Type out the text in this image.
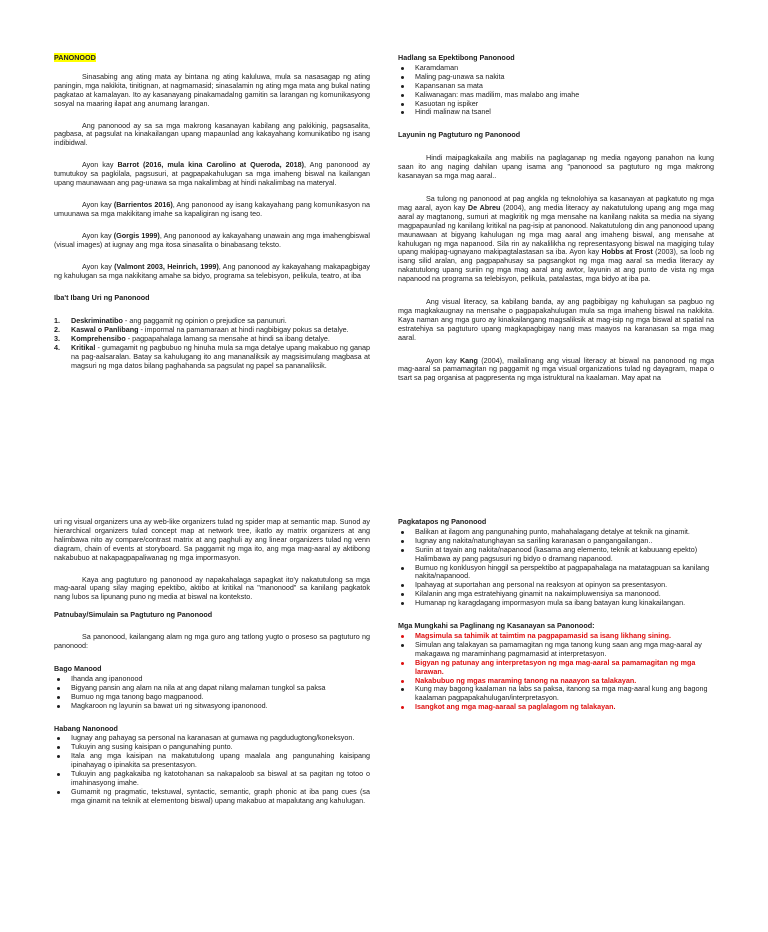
PANONOOD

Sinasabing ang ating mata ay bintana ng ating kaluluwa, mula sa nasasagap ng ating paningin, mga nakikita, tinitignan, at nagmamasid; sinasalamin ng ating mga mata ang bukal nating pagkatao at kamalayan. Ito ay kasanayang pinakamadalng gamitin sa larangan ng komunikasyong sosyal na maaring ilapat ang anumang larangan.

Ang panonood ay sa sa mga makrong kasanayan kabilang ang pakikinig, pagsasalita, pagbasa, at pagsulat na kinakailangan upang mapaunlad ang kakayahang komunikatibo ng isang indibidwal.

Ayon kay Barrot (2016, mula kina Carolino at Queroda, 2018), Ang panonood ay tumutukoy sa pagkilala, pagsusuri, at pagpapakahulugan sa mga imaheng biswal na kailangan upang maunawaan ang pag-unawa sa mga nakalimbag at hindi nakalimbag na materyal.

Ayon kay (Barrientos 2016), Ang panonood ay isang kakayahang pang komunikasyon na umuunawa sa mga makikitang imahe sa kapaligiran ng isang teo.

Ayon kay (Gorgis 1999), Ang panonood ay kakayahang unawain ang mga imahengbiswal (visual images) at iugnay ang mga itosa sinasalita o binabasang teksto.

Ayon kay (Valmont 2003, Heinrich, 1999), Ang panonood ay kakayahang makapagbigay ng kahulugan sa mga nakikitang amahe sa bidyo, programa sa telebisyon, pelikula, teatro, at iba

Iba't Ibang Uri ng Panonood
1. Deskriminatibo - ang paggamit ng opinion o prejudice sa panunuri.
2. Kaswal o Panlibang - impormal na pamamaraan at hindi nagbibigay pokus sa detalye.
3. Komprehensibo - pagpapahalaga lamang sa mensahe at hindi sa ibang detalye.
4. Kritikal - gumagamit ng pagbubuo ng hinuha mula sa mga detalye upang makabuo ng ganap na pag-aalsaralan. Batay sa kahulugang ito ang mananaliksik ay magsisimulang magbasa at magsuri ng mga datos bilang paghahanda sa pagsulat ng papel sa pananaliksik.
Hadlang sa Epektibong Panonood
Karamdaman
Maling pag-unawa sa nakita
Kapansanan sa mata
Kaliwanagan: mas madilim, mas malabo ang imahe
Kasuotan ng ispiker
Hindi malinaw na tsanel
Layunin ng Pagtuturo ng Panonood

Hindi maipagkakaila ang mabilis na paglaganap ng media ngayong panahon na kung saan ito ang naging dahilan upang isama ang "panonood sa pagtuturo ng mga makrong kasanayan sa mga mag aaral..

Sa tulong ng panonood at pag angkla ng teknolohiya sa kasanayan at pagkatuto ng mga mag aaral, ayon kay De Abreu (2004), ang media literacy ay nakatutulong upang ang mga mag aaral ay magtanong, sumuri at magkritik ng mga mensahe na kanilang nakita sa media na siyang magpapaunlad ng kanilang kritikal na pag-isip at panonood. Nakatutulong din ang panonood upang maunawaan at bigyang kahulugan ng mga mag aaral ang imaheng biswal, ang mensahe at kahulugan ng mga napanood. Sila rin ay nakalilikha ng representasyong biswal na magiging tulay upang makipag-ugnayano makipagtalastasan sa iba. Ayon kay Hobbs at Frost (2003), sa loob ng isang silid aralan, ang pagpapahusay sa pagsangkot ng mga mag aaral sa media literacy ay nakatutulong upang suriin ng mga mag aaral ang awtor, layunin at ang punto de vista ng mga napanood na programa sa telebisyon, pelikula, patalastas, mga bidyo at iba pa.

Ang visual literacy, sa kabilang banda, ay ang pagbibigay ng kahulugan sa pagbuo ng mga magkakaugnay na mensahe o pagpapakahulugan mula sa mga imaheng biswal na nakikita. Kaya naman ang mga guro ay kinakailangang magsaliksik at mag-isip ng mga biswal at spatial na estratehiya sa pagtuturo upang magkapagbigay nang mas maayos na karanasan sa mga mag aaral.

Ayon kay Kang (2004), mailalinang ang visual literacy at biswal na panonood ng mga mag-aaral sa pamamagitan ng paggamit ng mga visual organizations tulad ng dayagram, mapa o tsart sa pag organisa at pagpresenta ng mga istruktural na kaalaman. May apat na

uri ng visual organizers una ay web-like organizers tulad ng spider map at semantic map. Sunod ay hierarchical organizers tulad concept map at network tree, ikatlo ay matrix organizers at ang halimbawa nito ay compare/contrast matrix at ang paghuli ay ang linear organizers tulad ng venn diagram, chain of events at storyboard. Sa paggamit ng mga ito, ang mga mag-aaral ay aktibong nakabubuo at nakapagpapaliwanag ng mga impormasyon.

Kaya ang pagtuturo ng panonood ay napakahalaga sapagkat ito'y nakatutulong sa mga mag-aaral upang silay maging epektibo, aktibo at kritikal na "manonood" sa kanilang pagkatok nang lubos sa lipunang puno ng media at biswal na konteksto.

Patnubay/Simulain sa Pagtuturo ng Panonood

Sa panonood, kailangang alam ng mga guro ang tatlong yugto o proseso sa pagtuturo ng panonood:

Bago Manood
Ihanda ang ipanonood
Bigyang pansin ang alam na nila at ang dapat nilang malaman tungkol sa paksa
Bumuo ng mga tanong bago magpanood.
Magkaroon ng layunin sa bawat uri ng sitwasyong ipanonood.
Habang Nanonood
Iugnay ang pahayag sa personal na karanasan at gumawa ng pagdudugtong/koneksyon.
Tukuyin ang susing kaisipan o pangunahing punto.
Itala ang mga kaisipan na makatutulong upang maalala ang pangunahing kaisipang ipinahayag o ipinakita sa presentasyon.
Tukuyin ang pagkakaiba ng katotohanan sa nakapaloob sa biswal at sa pagitan ng totoo o imahinasyong imahe.
Gumamit ng pragmatic, tekstuwal, syntactic, semantic, graph phonic at iba pang cues (sa mga ginamit na teknik at elementong biswal) upang makabuo at mapalutang ang kahulugan.
Pagkatapos ng Panonood
Balikan at ilagom ang pangunahing punto, mahahalagang detalye at teknik na ginamit.
Iugnay ang nakita/natunghayan sa sariling karanasan o pangangailangan..
Suriin at tayain ang nakita/napanood (kasama ang elemento, teknik at kabuuang epekto) Halimbawa ay pang pagsusuri ng bidyo o dramang napanood.
Bumuo ng konklusyon hinggil sa perspektibo at pagpapahalaga na matatagpuan sa kanilang nakita/napanood.
Ipahayag at suportahan ang personal na reaksyon at opinyon sa presentasyon.
Kilalanin ang mga estratehiyang ginamit na nakaimpluwensiya sa manonood.
Humanap ng karagdagang impormasyon mula sa ibang batayan kung kinakailangan.
Mga Mungkahi sa Paglinang ng Kasanayan sa Panonood:
Magsimula sa tahimik at taimtim na pagpapamasid sa isang likhang sining.
Simulan ang talakayan sa pamamagitan ng mga tanong kung saan ang mga mag-aaral ay makagawa ng maraminhang pagmamasid at interpretasyon.
Bigyan ng patunay ang interpretasyon ng mga mag-aaral sa pamamagitan ng mga larawan.
Nakabubuo ng mgas maraming tanong na naaayon sa talakayan.
Kung may bagong kaalaman na labs sa paksa, itanong sa mga mag-aaral kung ang bagong kaalaman pagpapakahulugan/interpretasyon.
Isangkot ang mga mag-aaraal sa paglalagom ng talakayan.
